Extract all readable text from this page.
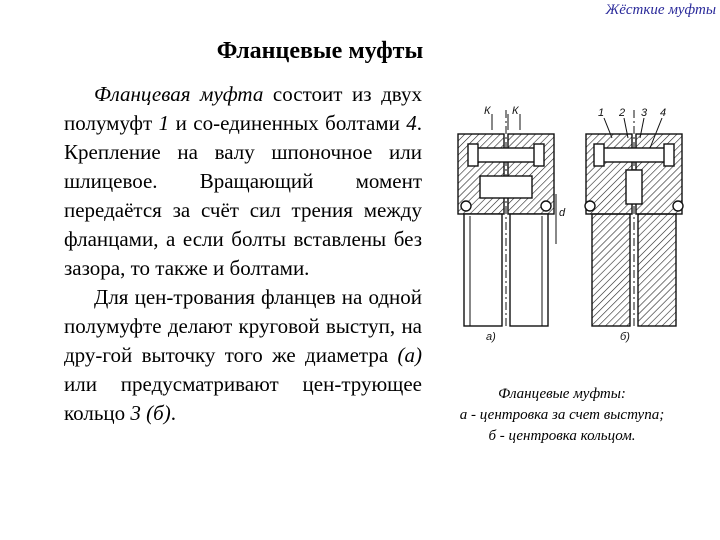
Жёсткие муфты
Фланцевые муфты

Фланцевая муфта состоит из двух полумуфт 1 и со-единенных болтами 4. Крепление на валу шпоночное или шлицевое. Вращающий момент передаётся за счёт сил трения между фланцами, а если болты вставлены без зазора, то также и болтами.

Для цен-трования фланцев на одной полумуфте делают круговой выступ, на дру-гой выточку того же диаметра (а) или предусматривают цен-трующее кольцо 3 (б).

К К
d
1 2 3 4
а)	б)
Фланцевые муфты:
а - центровка за счет выступа;
б - центровка кольцом.
